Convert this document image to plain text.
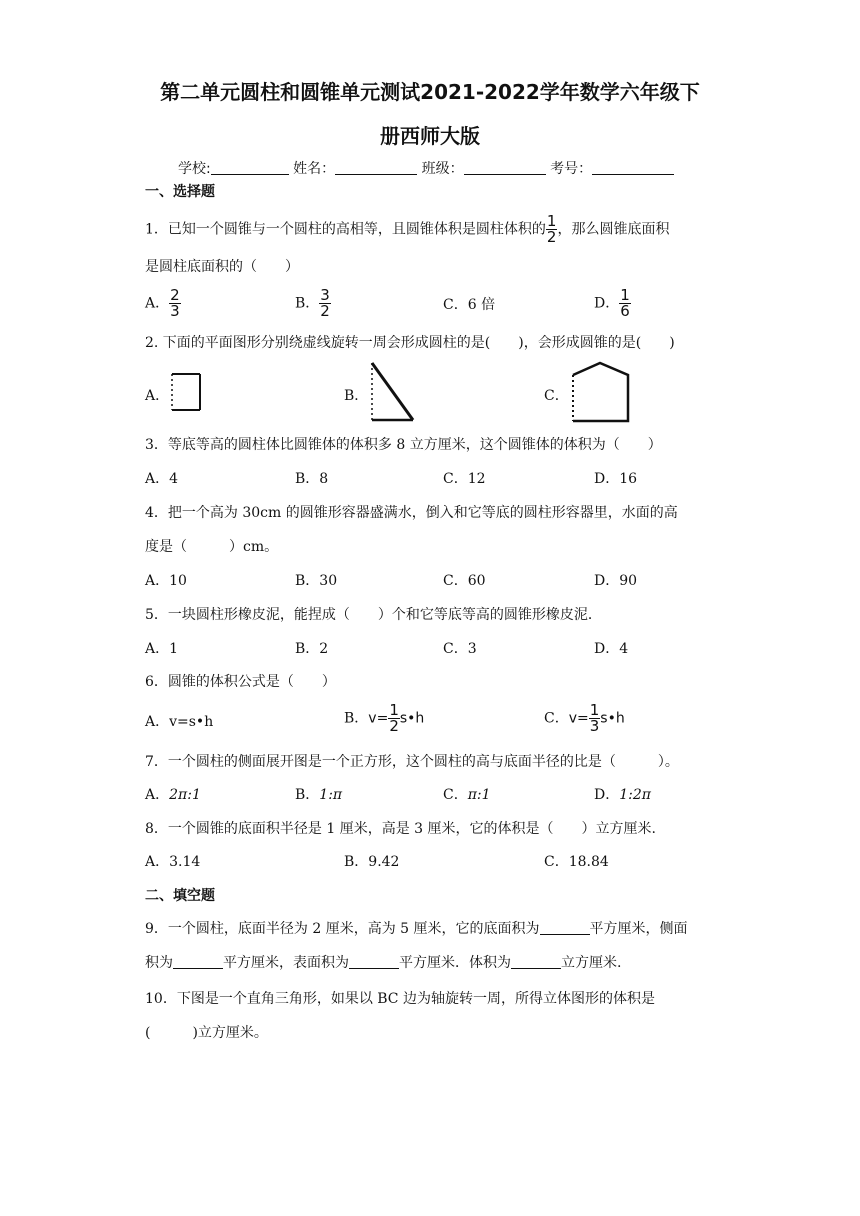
第二单元圆柱和圆锥单元测试2021-2022学年数学六年级下
册西师大版
学校:	姓名：	班级：	考号：
一、选择题
1．已知一个圆锥与一个圆柱的高相等，且圆锥体积是圆柱体积的 $\frac{1}{2}$ ，那么圆锥底面积
是圆柱底面积的（　　）
A． $\frac{2}{3}$	B． $\frac{3}{2}$	C．6 倍	D． $\frac{1}{6}$
2. 下面的平面图形分别绕虚线旋转一周会形成圆柱的是(　　)，会形成圆锥的是(　　)
A．	B．	C．
3．等底等高的圆柱体比圆锥体的体积多 8 立方厘米，这个圆锥体的体积为（　　）
A．4	B．8	C．12	D．16
4．把一个高为 30cm 的圆锥形容器盛满水，倒入和它等底的圆柱形容器里，水面的高
度是（　　　）cm。
A．10	B．30	C．60	D．90
5．一块圆柱形橡皮泥，能捏成（　　）个和它等底等高的圆锥形橡皮泥．
A．1	B．2	C．3	D．4
6．圆锥的体积公式是（　　）
A．v=s•h	B．$v= \frac{1}{2}$ s•h	C．$v= \frac{1}{3}$ s•h
7．一个圆柱的侧面展开图是一个正方形，这个圆柱的高与底面半径的比是（　　　）。
A．2π:1	B．1:π	C．π:1	D．1:2π
8．一个圆锥的底面积半径是 1 厘米，高是 3 厘米，它的体积是（　　）立方厘米.
A．3.14	B．9.42	C．18.84
二、填空题
9．一个圆柱，底面半径为 2 厘米，高为 5 厘米，它的底面积为	平方厘米，侧面
积为	平方厘米，表面积为	平方厘米．体积为	立方厘米.
10．下图是一个直角三角形，如果以 BC 边为轴旋转一周，所得立体图形的体积是
(　　　)立方厘米。
